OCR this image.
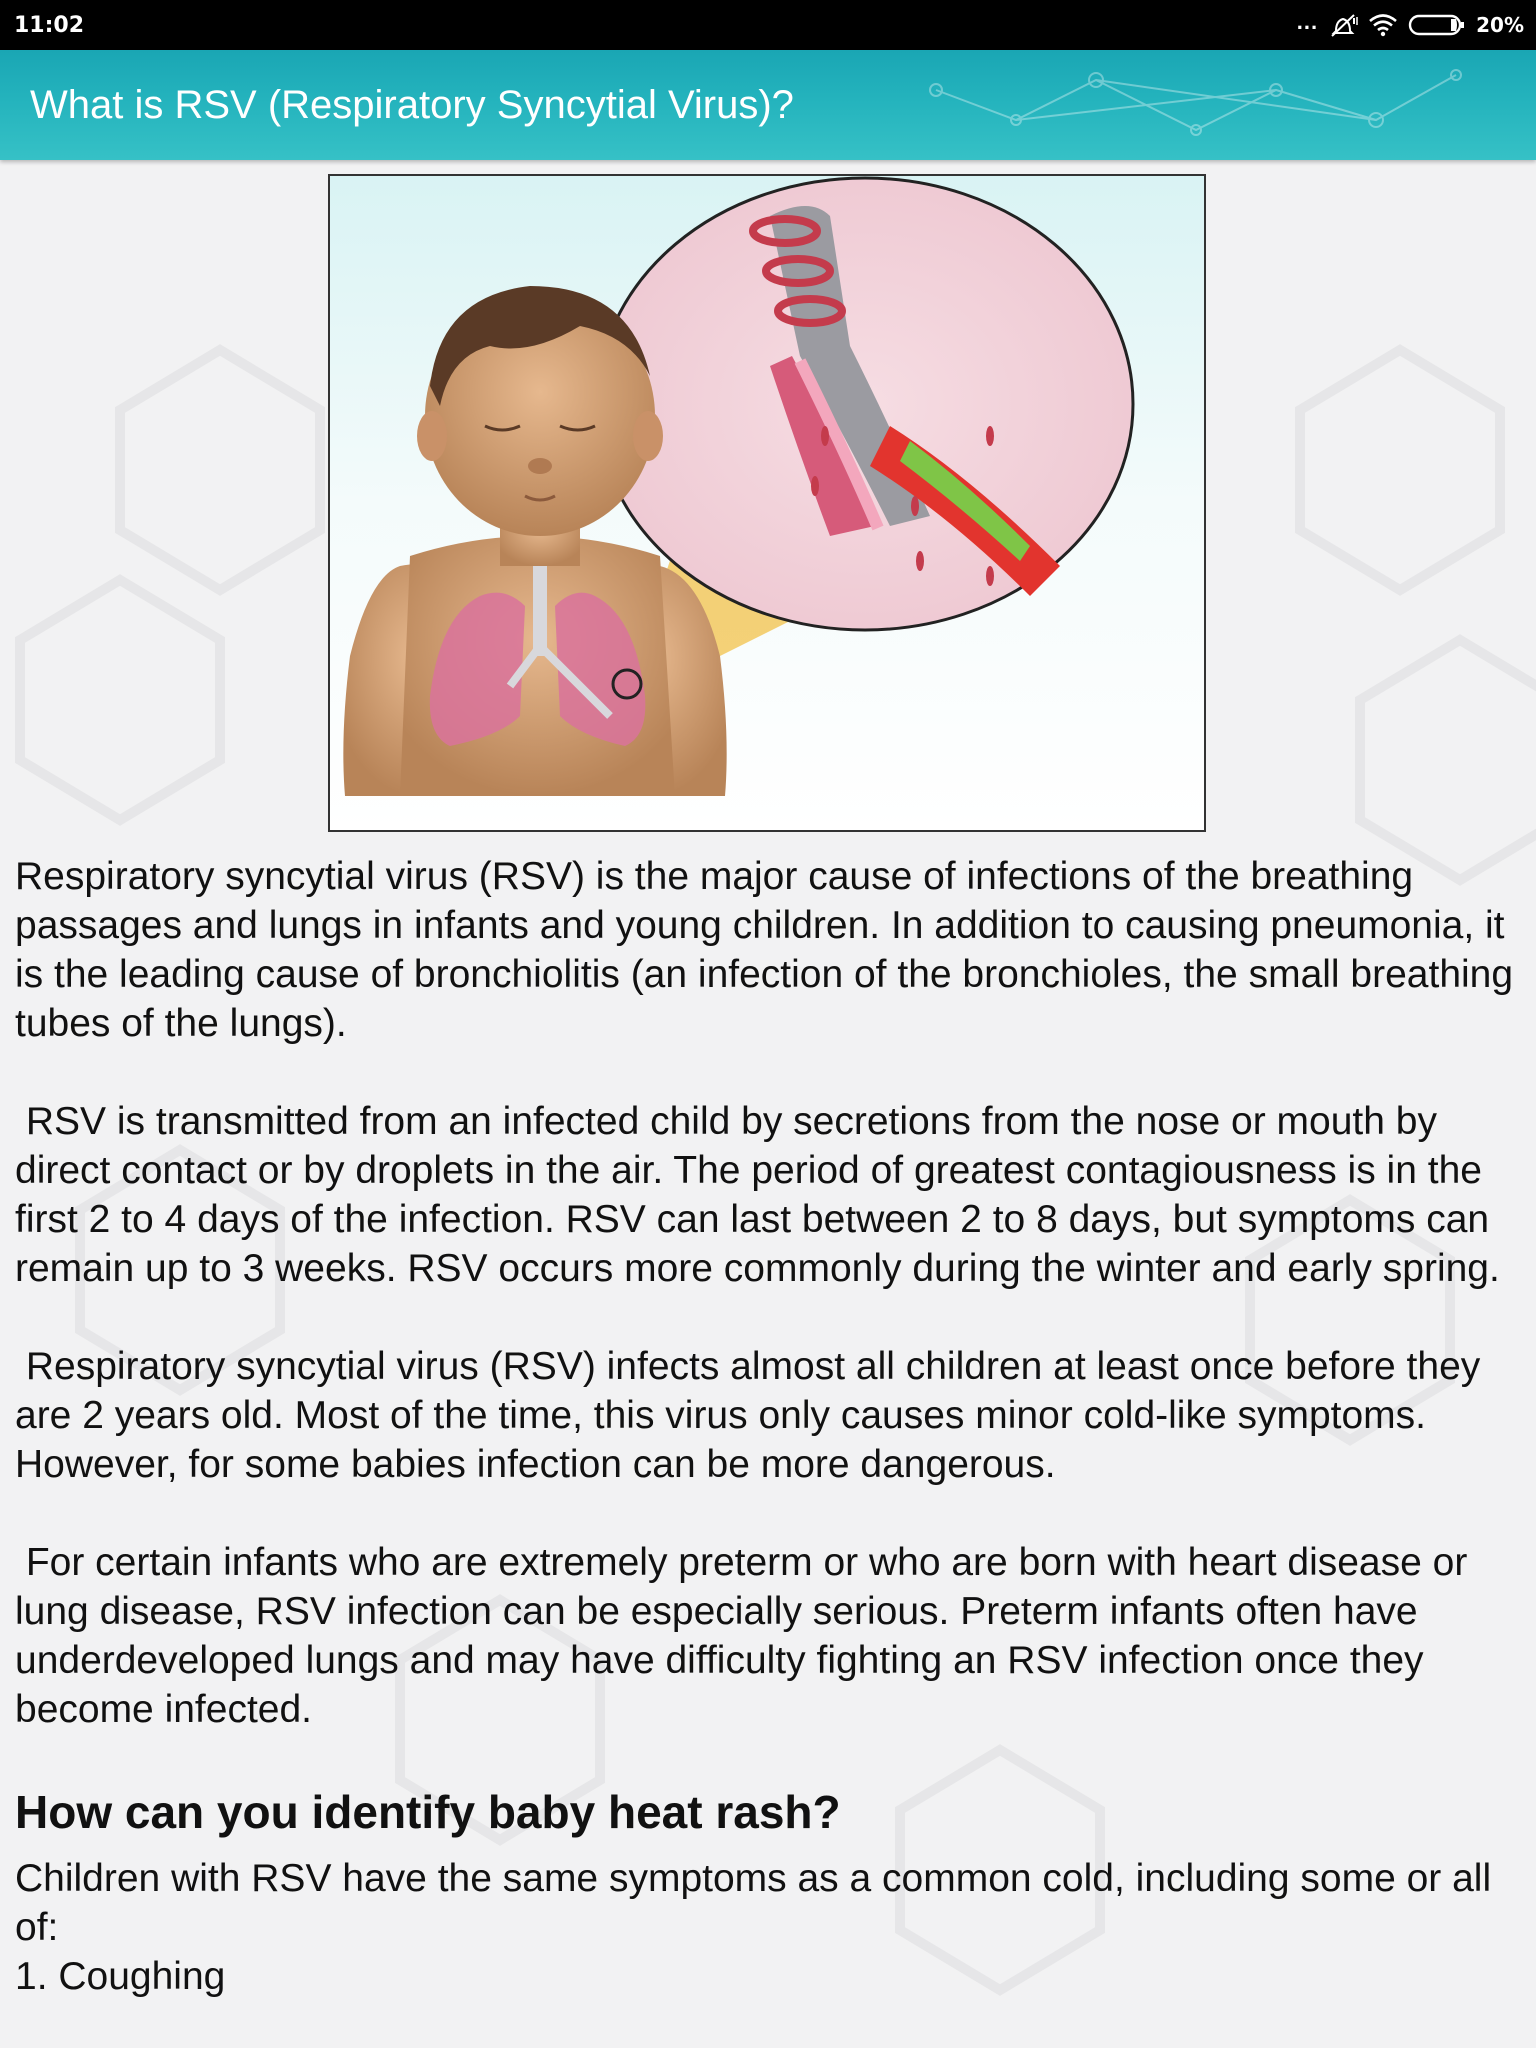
11:02	...	20%
What is RSV (Respiratory Syncytial Virus)?

Respiratory syncytial virus (RSV) is the major cause of infections of the breathing passages and lungs in infants and young children. In addition to causing pneumonia, it is the leading cause of bronchiolitis (an infection of the bronchioles, the small breathing tubes of the lungs).

RSV is transmitted from an infected child by secretions from the nose or mouth by direct contact or by droplets in the air. The period of greatest contagiousness is in the first 2 to 4 days of the infection. RSV can last between 2 to 8 days, but symptoms can remain up to 3 weeks. RSV occurs more commonly during the winter and early spring.

Respiratory syncytial virus (RSV) infects almost all children at least once before they are 2 years old. Most of the time, this virus only causes minor cold-like symptoms. However, for some babies infection can be more dangerous.

For certain infants who are extremely preterm or who are born with heart disease or lung disease, RSV infection can be especially serious. Preterm infants often have underdeveloped lungs and may have difficulty fighting an RSV infection once they become infected.

How can you identify baby heat rash?

Children with RSV have the same symptoms as a common cold, including some or all of:

1. Coughing
